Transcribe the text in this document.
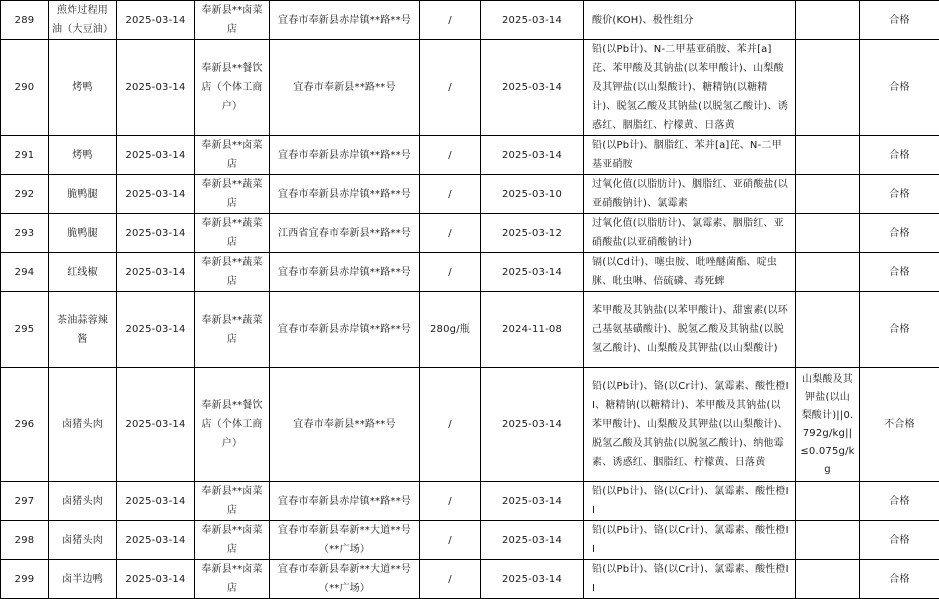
289	煎炸过程用油（大豆油）	2025-03-14	奉新县**卤菜店	宜春市奉新县赤岸镇**路**号	/	2025-03-14	酸价(KOH)、极性组分		合格
290	烤鸭	2025-03-14	奉新县**餐饮店（个体工商户）	宜春市奉新县**路**号	/	2025-03-14	铅(以Pb计)、N-二甲基亚硝胺、苯并[a]芘、苯甲酸及其钠盐(以苯甲酸计)、山梨酸及其钾盐(以山梨酸计)、糖精钠(以糖精计)、脱氢乙酸及其钠盐(以脱氢乙酸计)、诱惑红、胭脂红、柠檬黄、日落黄		合格
291	烤鸭	2025-03-14	奉新县**卤菜店	宜春市奉新县赤岸镇**路**号	/	2025-03-14	铅(以Pb计)、胭脂红、苯并[a]芘、N-二甲基亚硝胺		合格
292	脆鸭腿	2025-03-14	奉新县**蔬菜店	宜春市奉新县赤岸镇**路**号	/	2025-03-10	过氧化值(以脂肪计)、胭脂红、亚硝酸盐(以亚硝酸钠计)、氯霉素		合格
293	脆鸭腿	2025-03-14	奉新县**蔬菜店	江西省宜春市奉新县**路**号	/	2025-03-12	过氧化值(以脂肪计)、氯霉素、胭脂红、亚硝酸盐(以亚硝酸钠计)		合格
294	红线椒	2025-03-14	奉新县**蔬菜店	宜春市奉新县赤岸镇**路**号	/	2025-03-14	镉(以Cd计)、噻虫胺、吡唑醚菌酯、啶虫脒、吡虫啉、倍硫磷、毒死蜱		合格
295	茶油蒜蓉辣酱	2025-03-14	奉新县**蔬菜店	宜春市奉新县赤岸镇**路**号	280g/瓶	2024-11-08	苯甲酸及其钠盐(以苯甲酸计)、甜蜜素(以环己基氨基磺酸计)、脱氢乙酸及其钠盐(以脱氢乙酸计)、山梨酸及其钾盐(以山梨酸计)		合格
296	卤猪头肉	2025-03-14	奉新县**餐饮店（个体工商户）	宜春市奉新县**路**号	/	2025-03-14	铅(以Pb计)、铬(以Cr计)、氯霉素、酸性橙II、糖精钠(以糖精计)、苯甲酸及其钠盐(以苯甲酸计)、山梨酸及其钾盐(以山梨酸计)、脱氢乙酸及其钠盐(以脱氢乙酸计)、纳他霉素、诱惑红、胭脂红、柠檬黄、日落黄	山梨酸及其钾盐(以山梨酸计)||0.792g/kg||≤0.075g/kg	不合格
297	卤猪头肉	2025-03-14	奉新县**卤菜店	宜春市奉新县赤岸镇**路**号	/	2025-03-14	铅(以Pb计)、铬(以Cr计)、氯霉素、酸性橙II		合格
298	卤猪头肉	2025-03-14	奉新县**卤菜店	宜春市奉新县奉新**大道**号（**广场）	/	2025-03-14	铅(以Pb计)、铬(以Cr计)、氯霉素、酸性橙II		合格
299	卤半边鸭	2025-03-14	奉新县**卤菜店	宜春市奉新县奉新**大道**号（**广场）	/	2025-03-14	铅(以Pb计)、铬(以Cr计)、氯霉素、酸性橙II		合格
